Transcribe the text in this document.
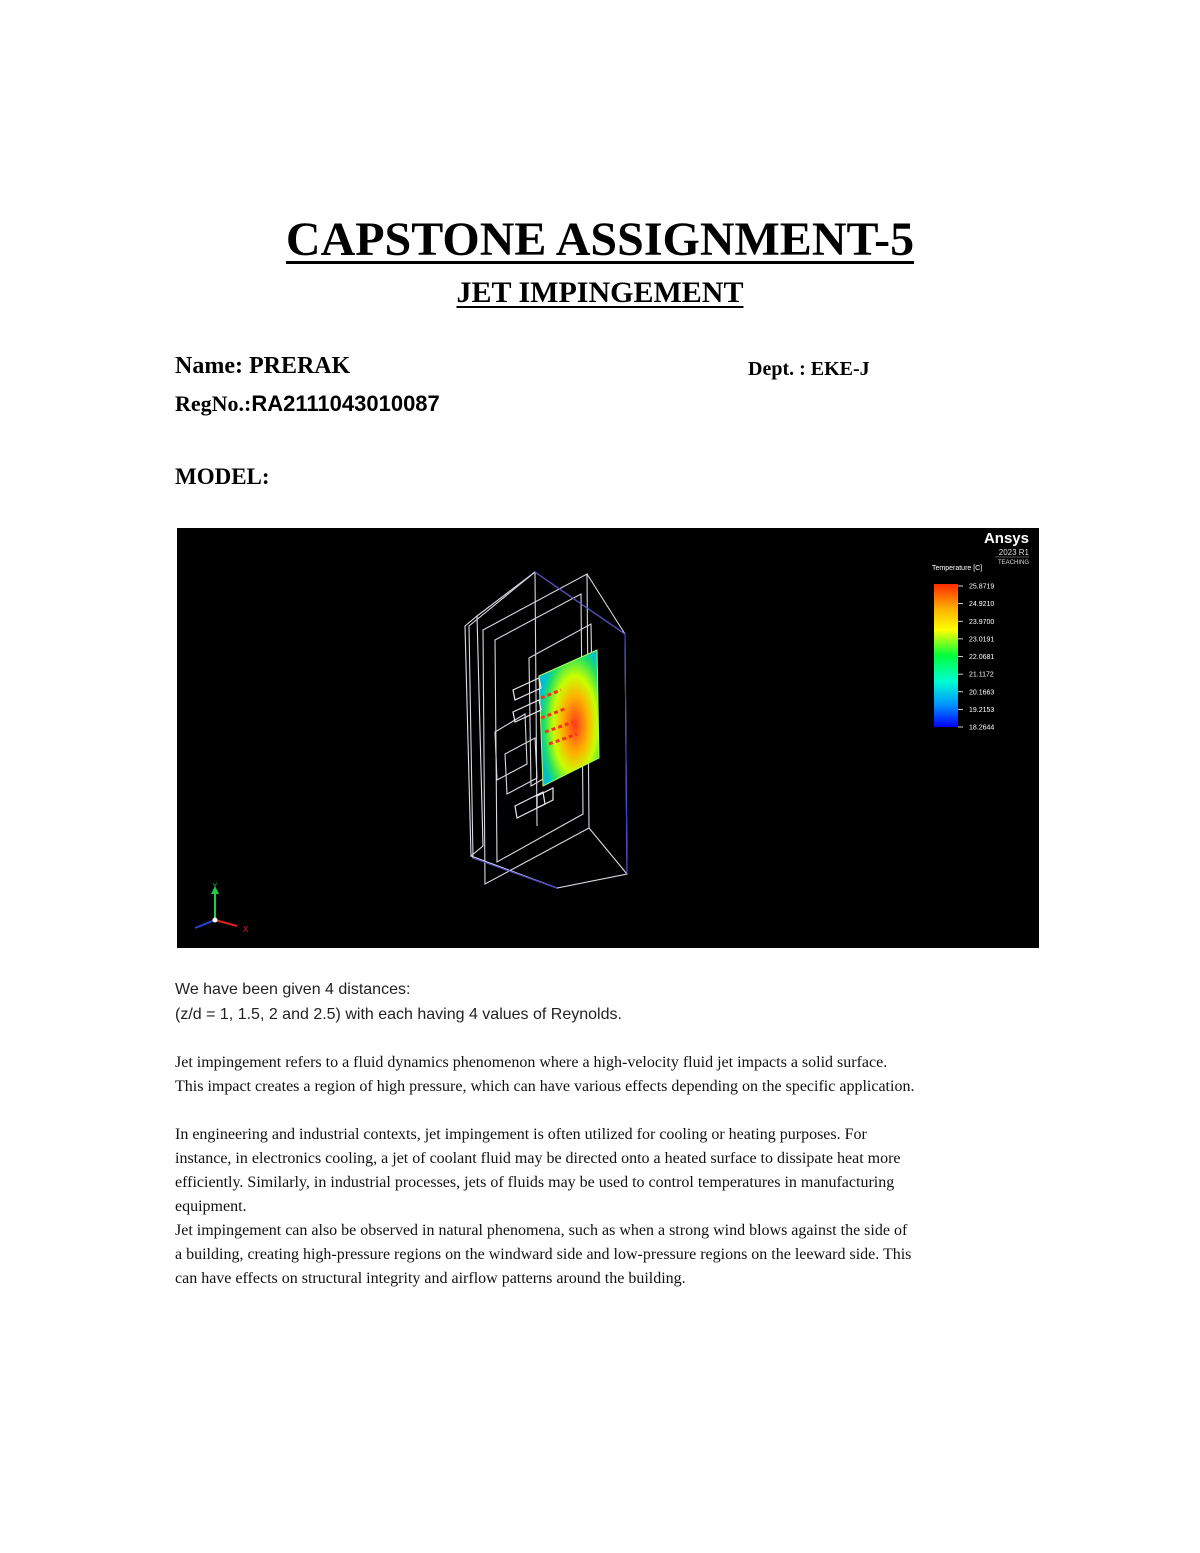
CAPSTONE ASSIGNMENT-5
JET IMPINGEMENT
Name: PRERAK	Dept. : EKE-J
RegNo.:RA2111043010087
MODEL:
Ansys
2023 R1
TEACHING
Temperature [C]
25.8719
24.9210
23.9700
23.0191
22.0681
21.1172
20.1663
19.2153
18.2644
Y
X
We have been given 4 distances:
(z/d = 1, 1.5, 2 and 2.5) with each having 4 values of Reynolds.
Jet impingement refers to a fluid dynamics phenomenon where a high-velocity fluid jet impacts a solid surface.
This impact creates a region of high pressure, which can have various effects depending on the specific application.
In engineering and industrial contexts, jet impingement is often utilized for cooling or heating purposes. For
instance, in electronics cooling, a jet of coolant fluid may be directed onto a heated surface to dissipate heat more
efficiently. Similarly, in industrial processes, jets of fluids may be used to control temperatures in manufacturing
equipment.
Jet impingement can also be observed in natural phenomena, such as when a strong wind blows against the side of
a building, creating high-pressure regions on the windward side and low-pressure regions on the leeward side. This
can have effects on structural integrity and airflow patterns around the building.
